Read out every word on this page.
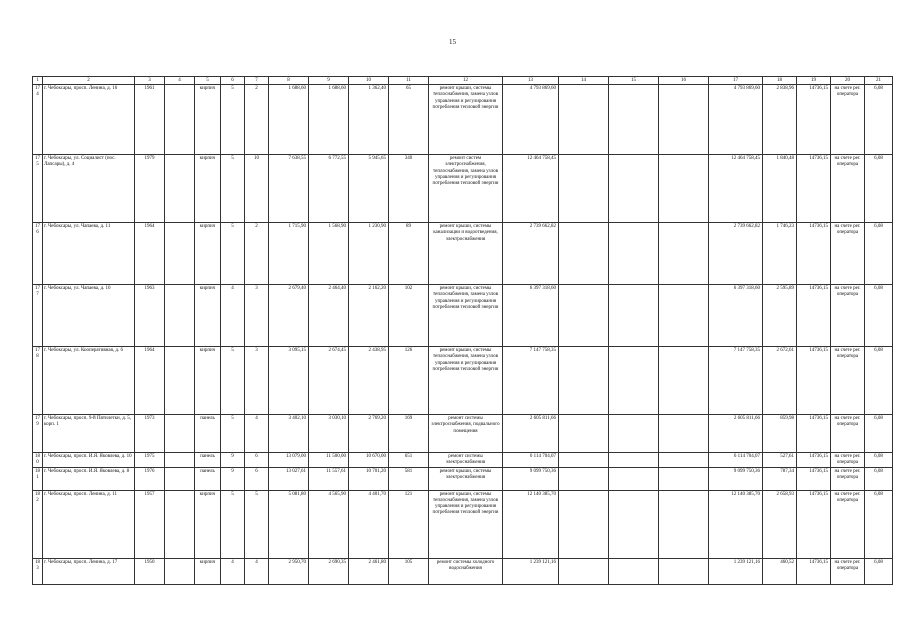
15
1	2	3	4	5	6	7	8	9	10	11	12	13	14	15	16	17	18	19	20	21
174	г. Чебоксары, просп. Ленина, д. 16	1961		кирпич	5	2	1 688,60	1 688,60	1 362,40	65	ремонт крыши, системы теплоснабжения, замена узлов управления и регулирования потребления тепловой энергии	4 793 869,60				4 793 869,60	2 838,96	14736,15	на счете рег. оператора	6,08
175	г. Чебоксары, ул. Социалист (пос. Лапсары), д. 4	1979		кирпич	5	10	7 638,55	6 772,55	5 945,65	340	ремонт систем электроснабжения, теплоснабжения, замена узлов управления и регулирования потребления тепловой энергии	12 464 758,45				12 464 758,45	1 840,48	14736,15	на счете рег. оператора	6,08
176	г. Чебоксары, ул. Чапаева, д. 11	1964		кирпич	5	2	1 715,90	1 568,90	1 230,90	89	ремонт крыши, системы канализации и водоотведения, электроснабжения	2 739 662,82				2 739 662,82	1 746,23	14736,15	на счете рег. оператора	6,08
177	г. Чебоксары, ул. Чапаева, д. 10	1963		кирпич	4	3	2 679,40	2 464,40	2 162,20	102	ремонт крыши, системы теплоснабжения, замена узлов управления и регулирования потребления тепловой энергии	6 397 318,60				6 397 318,60	2 595,89	14736,15	на счете рег. оператора	6,08
178	г. Чебоксары, ул. Кооперативная, д. 6	1964		кирпич	5	3	3 095,15	2 674,45	2 438,95	126	ремонт крыши, системы теплоснабжения, замена узлов управления и регулирования потребления тепловой энергии	7 147 758,35				7 147 758,35	2 672,61	14736,15	на счете рег. оператора	6,08
179	г. Чебоксары, просп. 9-й Пятилетки, д. 5, корп. 1	1973		панель	5	4	3 402,10	3 030,10	2 769,20	169	ремонт системы электроснабжения, подвального помещения	2 605 811,66				2 605 811,66	859,98	14736,15	на счете рег. оператора	6,08
180	г. Чебоксары, просп. И.Я. Яковлева, д. 10	1975		панель	9	6	13 079,00	11 500,00	10 670,00	651	ремонт системы электроснабжения	6 114 704,07				6 114 704,07	527,61	14736,15	на счете рег. оператора	6,08
181	г. Чебоксары, просп. И.Я. Яковлева, д. 8	1976		панель	9	6	13 027,61	11 557,61	10 701,20	581	ремонт крыши, системы электроснабжения	9 099 750,36				9 099 750,36	787,34	14736,15	на счете рег. оператора	6,08
182	г. Чебоксары, просп. Ленина, д. 11	1957		кирпич	5	5	5 081,80	4 565,90	4 401,70	121	ремонт крыши, системы теплоснабжения, замена узлов управления и регулирования потребления тепловой энергии	12 140 385,70				12 140 385,70	2 658,93	14736,15	на счете рег. оператора	6,08
183	г. Чебоксары, просп. Ленина, д. 17	1950		кирпич	4	4	2 950,70	2 690,35	2 461,80	105	ремонт системы холодного водоснабжения	1 239 121,16				1 239 121,16	460,52	14736,15	на счете рег. оператора	6,08
